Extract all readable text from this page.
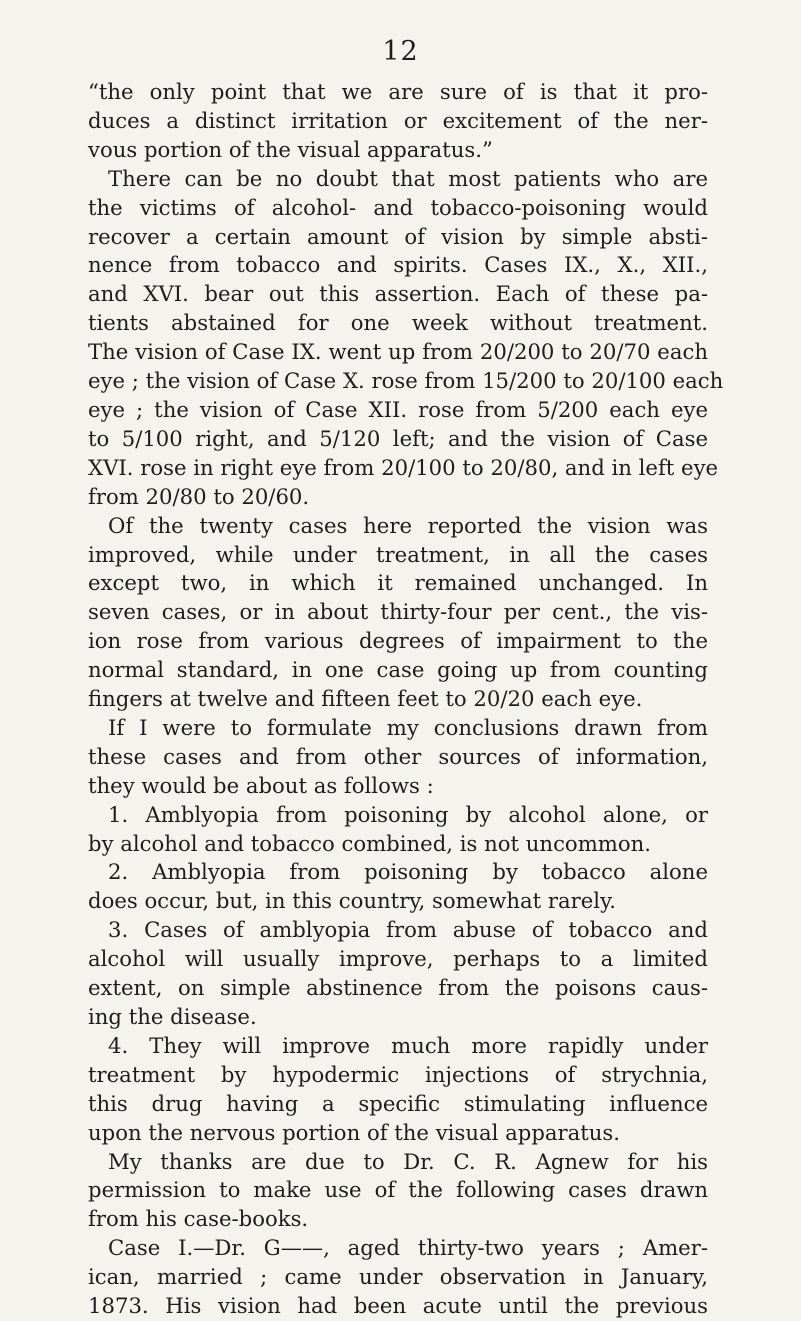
12
“the only point that we are sure of is that it pro-
duces a distinct irritation or excitement of the ner-
vous portion of the visual apparatus.”
There can be no doubt that most patients who are
the victims of alcohol- and tobacco-poisoning would
recover a certain amount of vision by simple absti-
nence from tobacco and spirits. Cases IX., X., XII.,
and XVI. bear out this assertion. Each of these pa-
tients abstained for one week without treatment.
The vision of Case IX. went up from 20/200 to 20/70 each
eye ; the vision of Case X. rose from 15/200 to 20/100 each
eye ; the vision of Case XII. rose from 5/200 each eye
to 5/100 right, and 5/120 left; and the vision of Case
XVI. rose in right eye from 20/100 to 20/80, and in left eye
from 20/80 to 20/60.
Of the twenty cases here reported the vision was
improved, while under treatment, in all the cases
except two, in which it remained unchanged. In
seven cases, or in about thirty-four per cent., the vis-
ion rose from various degrees of impairment to the
normal standard, in one case going up from counting
fingers at twelve and fifteen feet to 20/20 each eye.
If I were to formulate my conclusions drawn from
these cases and from other sources of information,
they would be about as follows :
1. Amblyopia from poisoning by alcohol alone, or
by alcohol and tobacco combined, is not uncommon.
2. Amblyopia from poisoning by tobacco alone
does occur, but, in this country, somewhat rarely.
3. Cases of amblyopia from abuse of tobacco and
alcohol will usually improve, perhaps to a limited
extent, on simple abstinence from the poisons caus-
ing the disease.
4. They will improve much more rapidly under
treatment by hypodermic injections of strychnia,
this drug having a specific stimulating influence
upon the nervous portion of the visual apparatus.
My thanks are due to Dr. C. R. Agnew for his
permission to make use of the following cases drawn
from his case-books.
Case I.—Dr. G——, aged thirty-two years ; Amer-
ican, married ; came under observation in January,
1873. His vision had been acute until the previous
